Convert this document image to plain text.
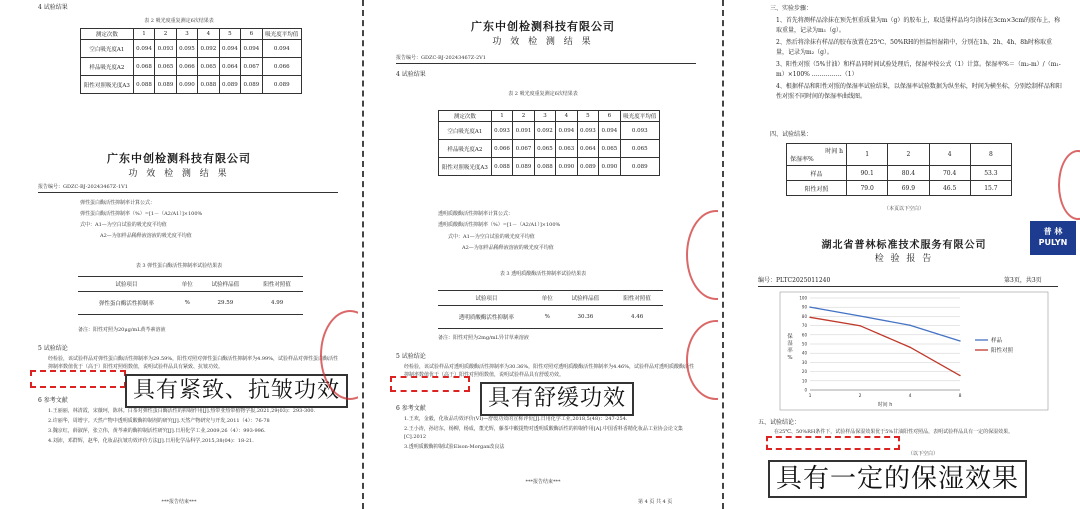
4 试验结果
表 2 吸光度重复测定6次结果表
测定次数	1	2	3	4	5	6	吸光度平均值
空白吸光度A1	0.094	0.093	0.095	0.092	0.094	0.094	0.094
样品吸光度A2	0.068	0.065	0.066	0.065	0.064	0.067	0.066
阳性对照吸光度A3	0.088	0.089	0.090	0.088	0.089	0.089	0.089
广东中创检测科技有限公司
功 效 检 测 结 果
报告编号：GDZC-BJ-20243467Z-1V1
弹性蛋白酶活性抑制率计算公式：
弹性蛋白酶活性抑制率（%）=[1－（A2/A1）]×100%
式中：A1—为空白试验的吸光度平均值
A2—为加样品稀释液溶液的吸光度平均值
表 3 弹性蛋白酶活性抑制率试验结果表
试验项目	单位	试验样品值	阳性对照值
弹性蛋白酶活性抑制率	%	29.59	4.99
备注：阳性对照为20μg/mL黄芩素溶液
5 试验结论
经检验，该试验样品对弹性蛋白酶活性抑制率为29.59%，阳性对照对弹性蛋白酶活性抑制率为4.99%，试验样品对弹性蛋白酶活性抑制率数值优于（高于）阳性对照组数值，说明试验样品具有紧致、抗皱功效。
具有紧致、抗皱功效
6 参考文献
1.王丽丽，林清霞，宋薇珂，陈林。白茶对弹性蛋白酶活性的抑制作用[J].热带亚热带植物学报,2021,29(03)：293-300.
2.许丽华，周增宇。天然产物中透明质酸酶抑制剂的研究[J].天然产物研究与开发,2011（4）：76-78
3.魏京红，薛淑萍，张立伟，黄芩素的酶抑制活性研究[J].日用化学工业,2009,26（4）：993-996.
4.刘沛，邓群辉，赵华，化妆品抗皱功效评价方法[J].日用化学品科学,2015,38(04)：18-21.
***报告结束***
广东中创检测科技有限公司
功 效 检 测 结 果
报告编号：GDZC-BJ-20243467Z-2V1
4 试验结果
表 2 吸光度重复测定6次结果表
测定次数	1	2	3	4	5	6	吸光度平均值
空白吸光度A1	0.093	0.091	0.092	0.094	0.093	0.094	0.093
样品吸光度A2	0.066	0.067	0.065	0.063	0.064	0.065	0.065
阳性对照吸光度A3	0.088	0.089	0.088	0.090	0.089	0.090	0.089
透明质酸酶活性抑制率计算公式：
透明质酸酶活性抑制率（%）=[1－（A2/A1）]×100%
式中：A1—为空白试验的吸光度平均值
A2—为加样品稀释液溶液的吸光度平均值
表 3 透明质酸酶活性抑制率试验结果表
试验项目	单位	试验样品值	阳性对照值
透明质酸酶活性抑制率	%	30.36	4.46
备注：阳性对照为2mg/mL异甘草素溶液
5 试验结论
经检验，该试验样品对透明质酸酶活性抑制率为30.36%，阳性对照对透明质酸酶活性抑制率为4.46%，试验样品对透明质酸酶活性抑制率数值优于（高于）阳性对照组数值，说明试验样品具有舒缓功效。
具有舒缓功效
6 参考文献
1.王欢，金毅，化妆品功效评价(VI)—舒缓功效的宣称评价[J].日用化学工业,2018,5(48)：247-254.
2.王小涛，孙培东，杨柳，杨成，董光辉，藤茶中酸提物对透明质酸酶活性的抑制作用[A].中国香料香精化妆品工业协会论文集[C].2012
3.透明质酸酶抑制试验Elson-Morgan改良法
***报告结束***
第 4 页 共 4 页
三、实验步骤：
1、首先将测样品涂抹在预先恒重质量为m（g）的胶布上，取适量样品均匀涂抹在3cm×3cm的胶布上，称取重量，记录为m₁（g）。
2、然后将涂抹有样品的胶布放置在25℃、50%RH的恒温恒湿箱中，分别在1h、2h、4h、8h时称取重量，记录为m₂（g）。
3、阳性对照（5%甘油）和样品同时间试验处理后，保湿率按公式（1）计算。保湿率%＝（m₂-m）/（m₁-m）×100% ……………（1）
4、根据样品和阳性对照的保湿率试验结果，以保湿率试验数据为纵坐标，时间为横坐标，分别绘制样品和阳性对照不同时间的保湿率曲线图。
四、试验结果：
时间 h
保湿率%	1	2	4	8
样品	90.1	80.4	70.4	53.3
阳性对照	79.0	69.9	46.5	15.7
（本页以下空白）
普 林
PULYN
湖北省普林标准技术服务有限公司
检 验 报 告
编号：PLTC2025011240	第3页，共3页
0
10
20
30
40
50
60
70
80
90
100
1	2	4	8
时间 h
保湿率%
样品
阳性对照
五、试验结论：
在25℃、50%RH条件下，试验样品保湿效果优于5%甘油阳性对照品，表明试验样品具有一定的保湿效果。
（以下空白）
具有一定的保湿效果
